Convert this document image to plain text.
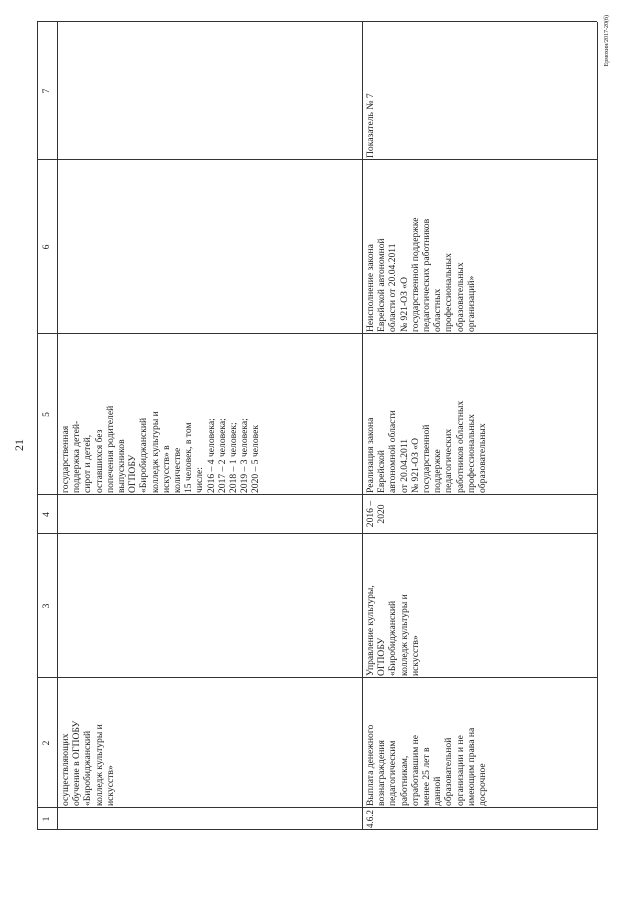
21
Ермохин/2017-20(б)
1
2
3
4
5
6
7
осуществляющих
обучение в ОГПОБУ
«Биробиджанский
колледж культуры и
искусств»
государственная
поддержка детей-
сирот и детей,
оставшихся без
попечения родителей
выпускников
ОГПОБУ
«Биробиджанский
колледж культуры и
искусств» в
количестве
15 человек, в том
числе:
2016 – 4 человека;
2017 – 2 человека;
2018 – 1 человек;
2019 – 3 человека;
2020 – 5 человек
4.6.2
Выплата денежного
вознаграждения
педагогическим
работникам,
отработавшим не
менее 25 лет в
данной
образовательной
организации и не
имеющим права на
досрочное
Управление культуры,
ОГПОБУ
«Биробиджанский
колледж культуры и
искусств»
2016 –
2020
Реализация закона
Еврейской
автономной области
от 20.04.2011
№ 921-ОЗ «О
государственной
поддержке
педагогических
работников областных
профессиональных
образовательных
Неисполнение закона
Еврейской автономной
области от 20.04.2011
№ 921-ОЗ «О
государственной поддержке
педагогических работников
областных
профессиональных
образовательных
организаций»
Показатель № 7
